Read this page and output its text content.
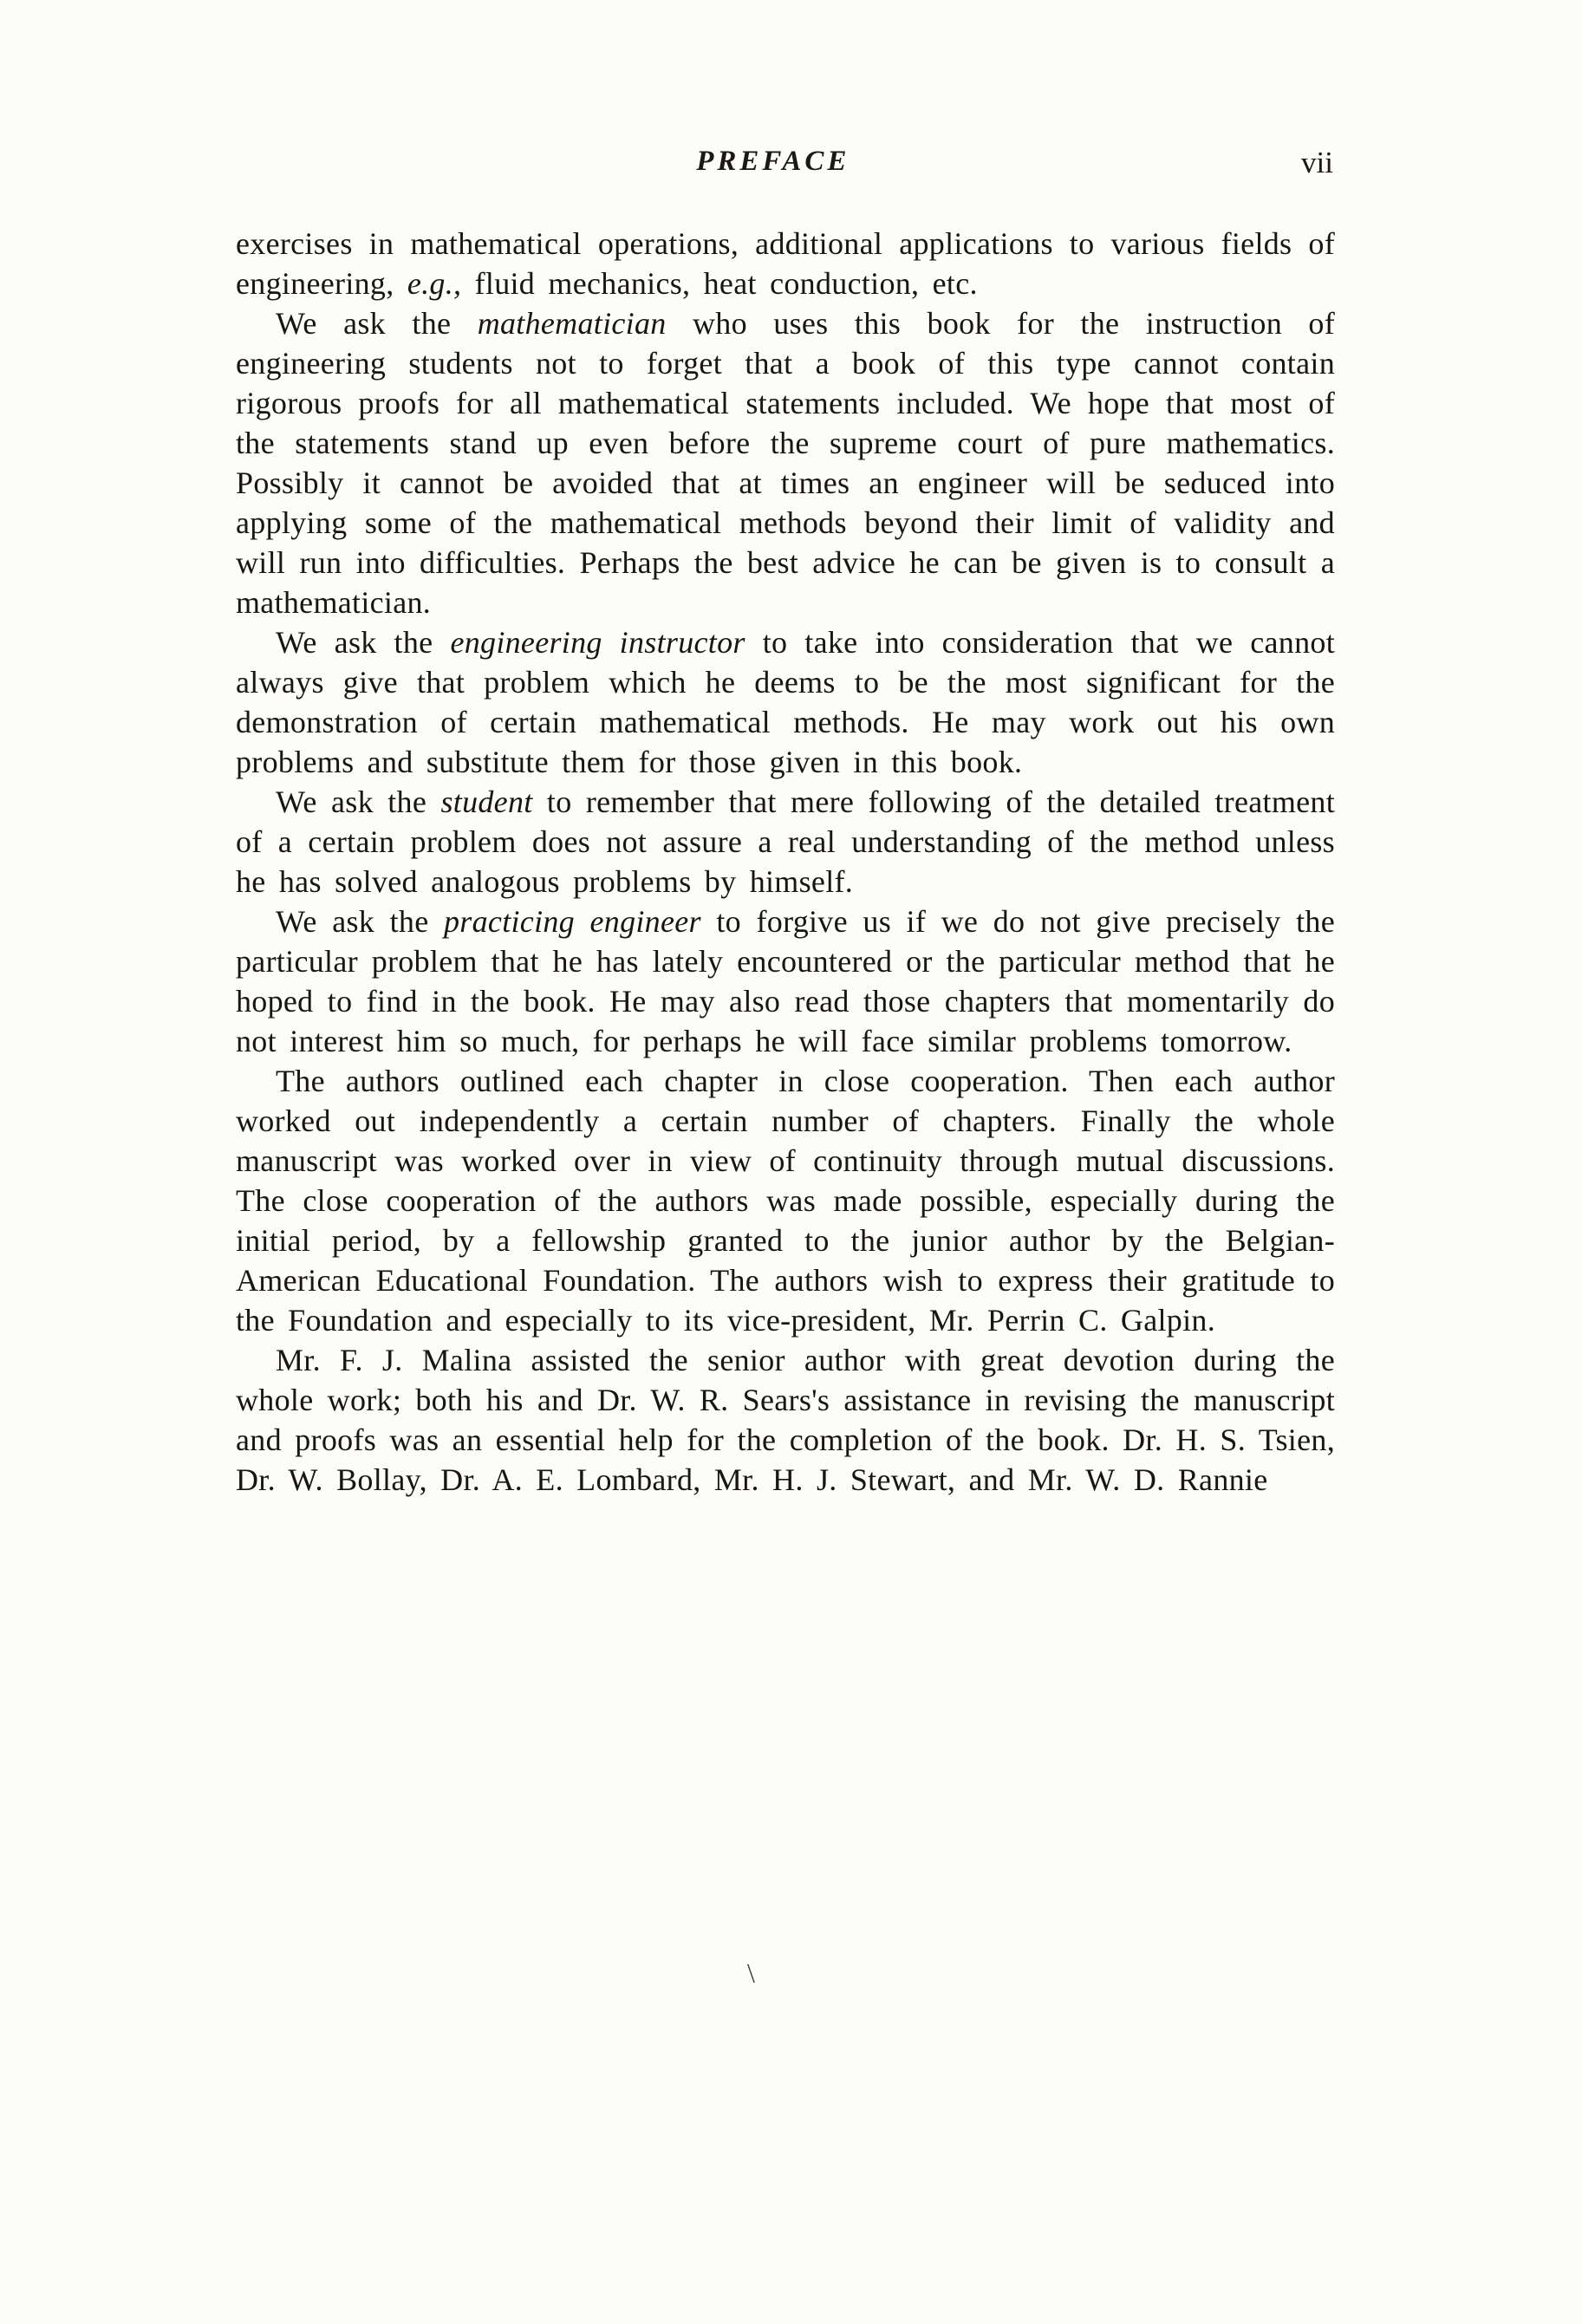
PREFACE	vii

exercises in mathematical operations, additional applications to various fields of engineering, e.g., fluid mechanics, heat conduction, etc.

We ask the mathematician who uses this book for the instruction of engineering students not to forget that a book of this type cannot contain rigorous proofs for all mathematical statements included. We hope that most of the statements stand up even before the supreme court of pure mathematics. Possibly it cannot be avoided that at times an engineer will be seduced into applying some of the mathematical methods beyond their limit of validity and will run into difficulties. Perhaps the best advice he can be given is to consult a mathematician.

We ask the engineering instructor to take into consideration that we cannot always give that problem which he deems to be the most significant for the demonstration of certain mathematical methods. He may work out his own problems and substitute them for those given in this book.

We ask the student to remember that mere following of the detailed treatment of a certain problem does not assure a real understanding of the method unless he has solved analogous problems by himself.

We ask the practicing engineer to forgive us if we do not give precisely the particular problem that he has lately encountered or the particular method that he hoped to find in the book. He may also read those chapters that momentarily do not interest him so much, for perhaps he will face similar problems tomorrow.

The authors outlined each chapter in close cooperation. Then each author worked out independently a certain number of chapters. Finally the whole manuscript was worked over in view of continuity through mutual discussions. The close cooperation of the authors was made possible, especially during the initial period, by a fellowship granted to the junior author by the Belgian-American Educational Foundation. The authors wish to express their gratitude to the Foundation and especially to its vice-president, Mr. Perrin C. Galpin.

Mr. F. J. Malina assisted the senior author with great devotion during the whole work; both his and Dr. W. R. Sears's assistance in revising the manuscript and proofs was an essential help for the completion of the book. Dr. H. S. Tsien, Dr. W. Bollay, Dr. A. E. Lombard, Mr. H. J. Stewart, and Mr. W. D. Rannie

\
